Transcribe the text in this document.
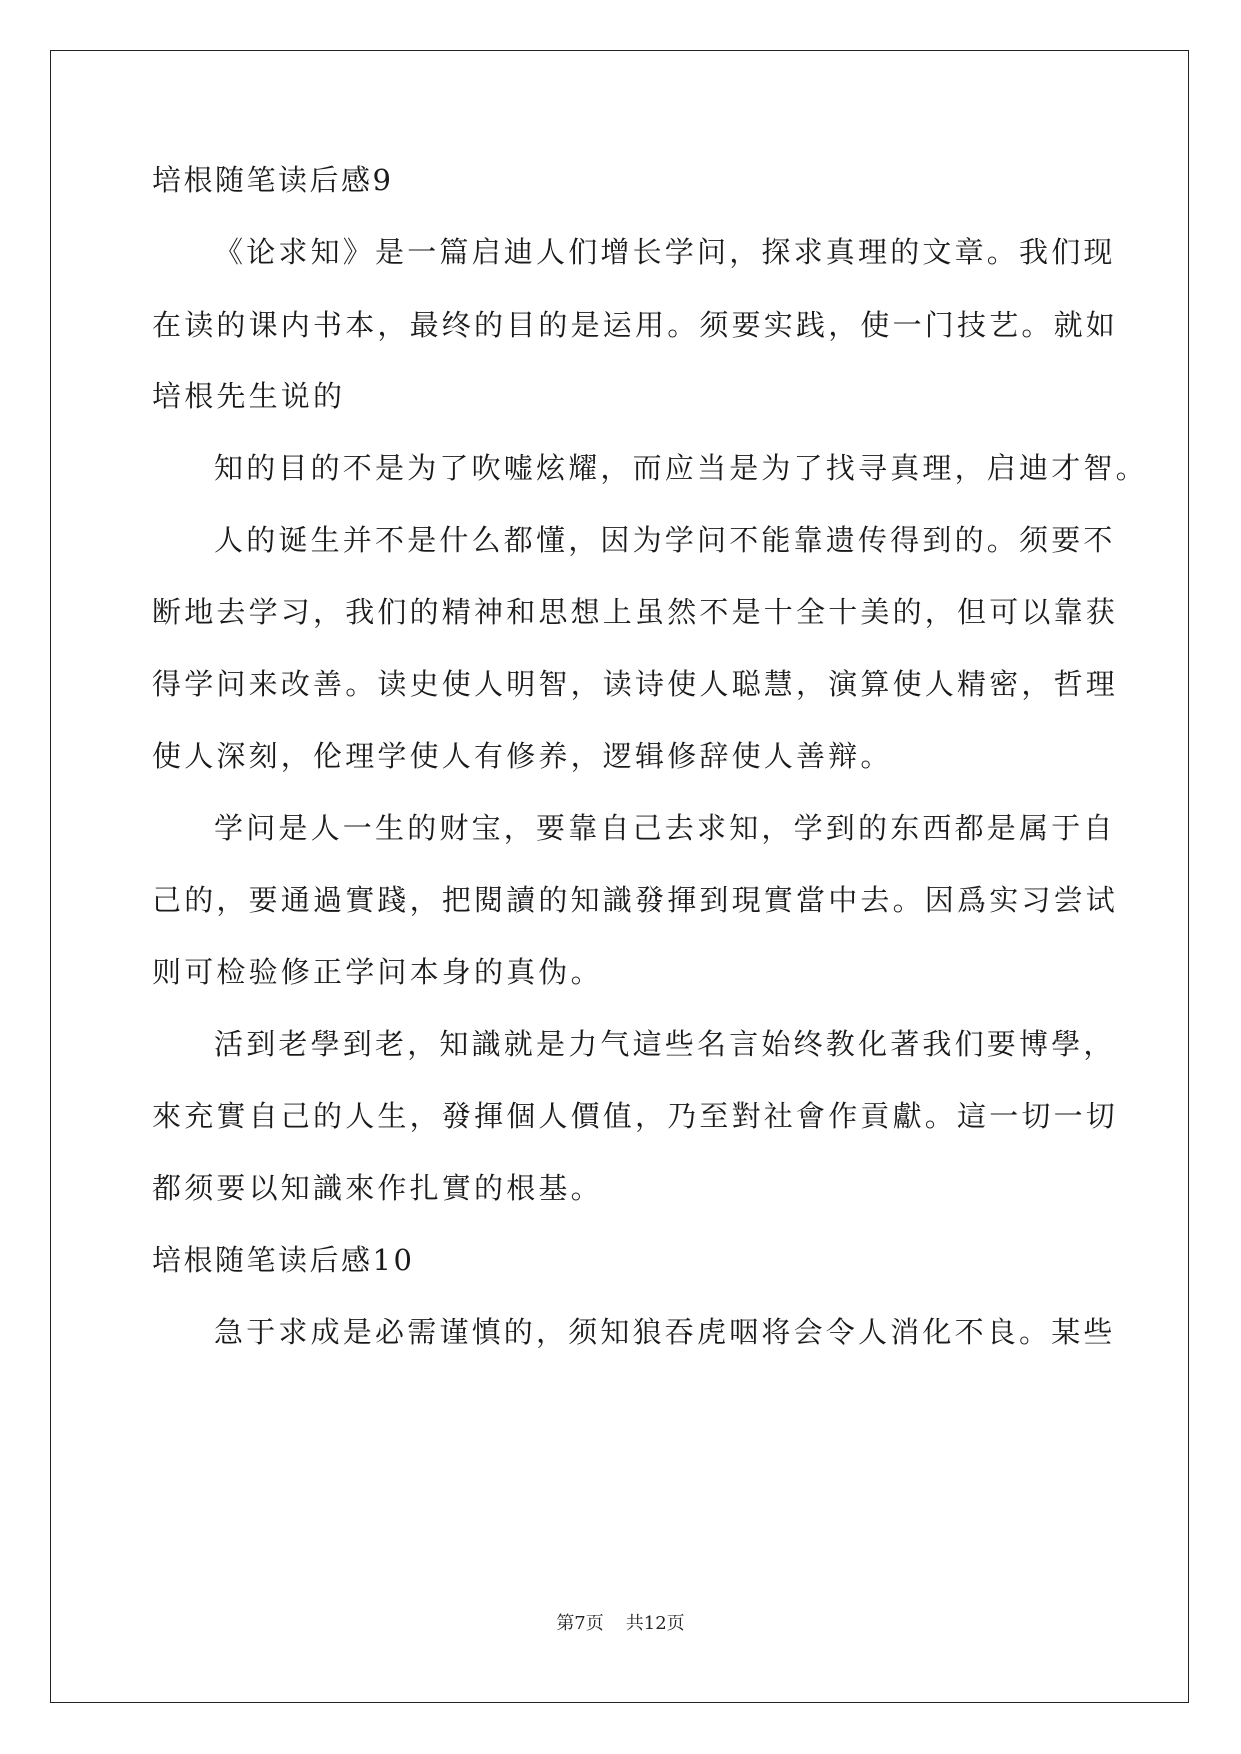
培根随笔读后感9
《论求知》是一篇启迪人们增长学问，探求真理的文章。我们现
在读的课内书本，最终的目的是运用。须要实践，使一门技艺。就如
培根先生说的
知的目的不是为了吹嘘炫耀，而应当是为了找寻真理，启迪才智。
人的诞生并不是什么都懂，因为学问不能靠遗传得到的。须要不
断地去学习，我们的精神和思想上虽然不是十全十美的，但可以靠获
得学问来改善。读史使人明智，读诗使人聪慧，演算使人精密，哲理
使人深刻，伦理学使人有修养，逻辑修辞使人善辩。
学问是人一生的财宝，要靠自己去求知，学到的东西都是属于自
己的，要通過實踐，把閱讀的知識發揮到現實當中去。因爲实习尝试
则可检验修正学问本身的真伪。
活到老學到老，知識就是力气這些名言始终教化著我们要博學，
來充實自己的人生，發揮個人價值，乃至對社會作貢獻。這一切一切
都须要以知識來作扎實的根基。
培根随笔读后感10
急于求成是必需谨慎的，须知狼吞虎咽将会令人消化不良。某些
第7页 共12页
